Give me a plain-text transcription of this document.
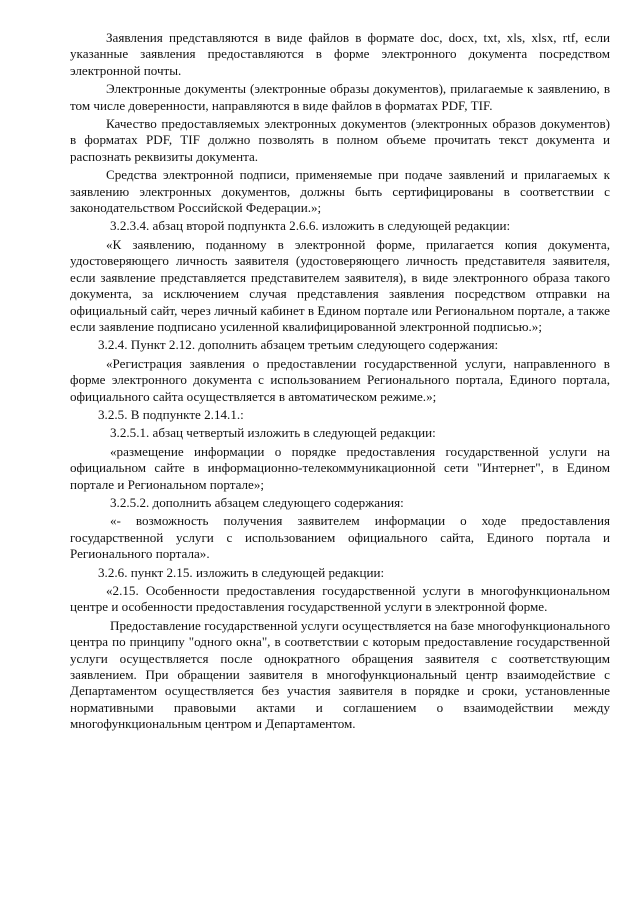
Заявления представляются в виде файлов в формате doc, docx, txt, xls, xlsx, rtf, если указанные заявления предоставляются в форме электронного документа посредством электронной почты.

Электронные документы (электронные образы документов), прилагаемые к заявлению, в том числе доверенности, направляются в виде файлов в форматах PDF, TIF.

Качество предоставляемых электронных документов (электронных образов документов) в форматах PDF, TIF должно позволять в полном объеме прочитать текст документа и распознать реквизиты документа.

Средства электронной подписи, применяемые при подаче заявлений и прилагаемых к заявлению электронных документов, должны быть сертифицированы в соответствии с законодательством Российской Федерации.»;

3.2.3.4. абзац второй подпункта 2.6.6. изложить в следующей редакции:

«К заявлению, поданному в электронной форме, прилагается копия документа, удостоверяющего личность заявителя (удостоверяющего личность представителя заявителя, если заявление представляется представителем заявителя), в виде электронного образа такого документа, за исключением случая представления заявления посредством отправки на официальный сайт, через личный кабинет в Едином портале или Региональном портале, а также если заявление подписано усиленной квалифицированной электронной подписью.»;

3.2.4. Пункт 2.12. дополнить абзацем третьим следующего содержания:

«Регистрация заявления о предоставлении государственной услуги, направленного в форме электронного документа с использованием Регионального портала, Единого портала, официального сайта осуществляется в автоматическом режиме.»;

3.2.5. В подпункте 2.14.1.:

3.2.5.1. абзац четвертый изложить в следующей редакции:

«размещение информации о порядке предоставления государственной услуги на официальном сайте в информационно-телекоммуникационной сети "Интернет", в Едином портале и Региональном портале»;

3.2.5.2. дополнить абзацем следующего содержания:

«- возможность получения заявителем информации о ходе предоставления государственной услуги с использованием официального сайта, Единого портала и Регионального портала».

3.2.6. пункт 2.15. изложить в следующей редакции:

«2.15. Особенности предоставления государственной услуги в многофункциональном центре и особенности предоставления государственной услуги в электронной форме.

Предоставление государственной услуги осуществляется на базе многофункционального центра по принципу "одного окна", в соответствии с которым предоставление государственной услуги осуществляется после однократного обращения заявителя с соответствующим заявлением. При обращении заявителя в многофункциональный центр взаимодействие с Департаментом осуществляется без участия заявителя в порядке и сроки, установленные нормативными правовыми актами и соглашением о взаимодействии между многофункциональным центром и Департаментом.
